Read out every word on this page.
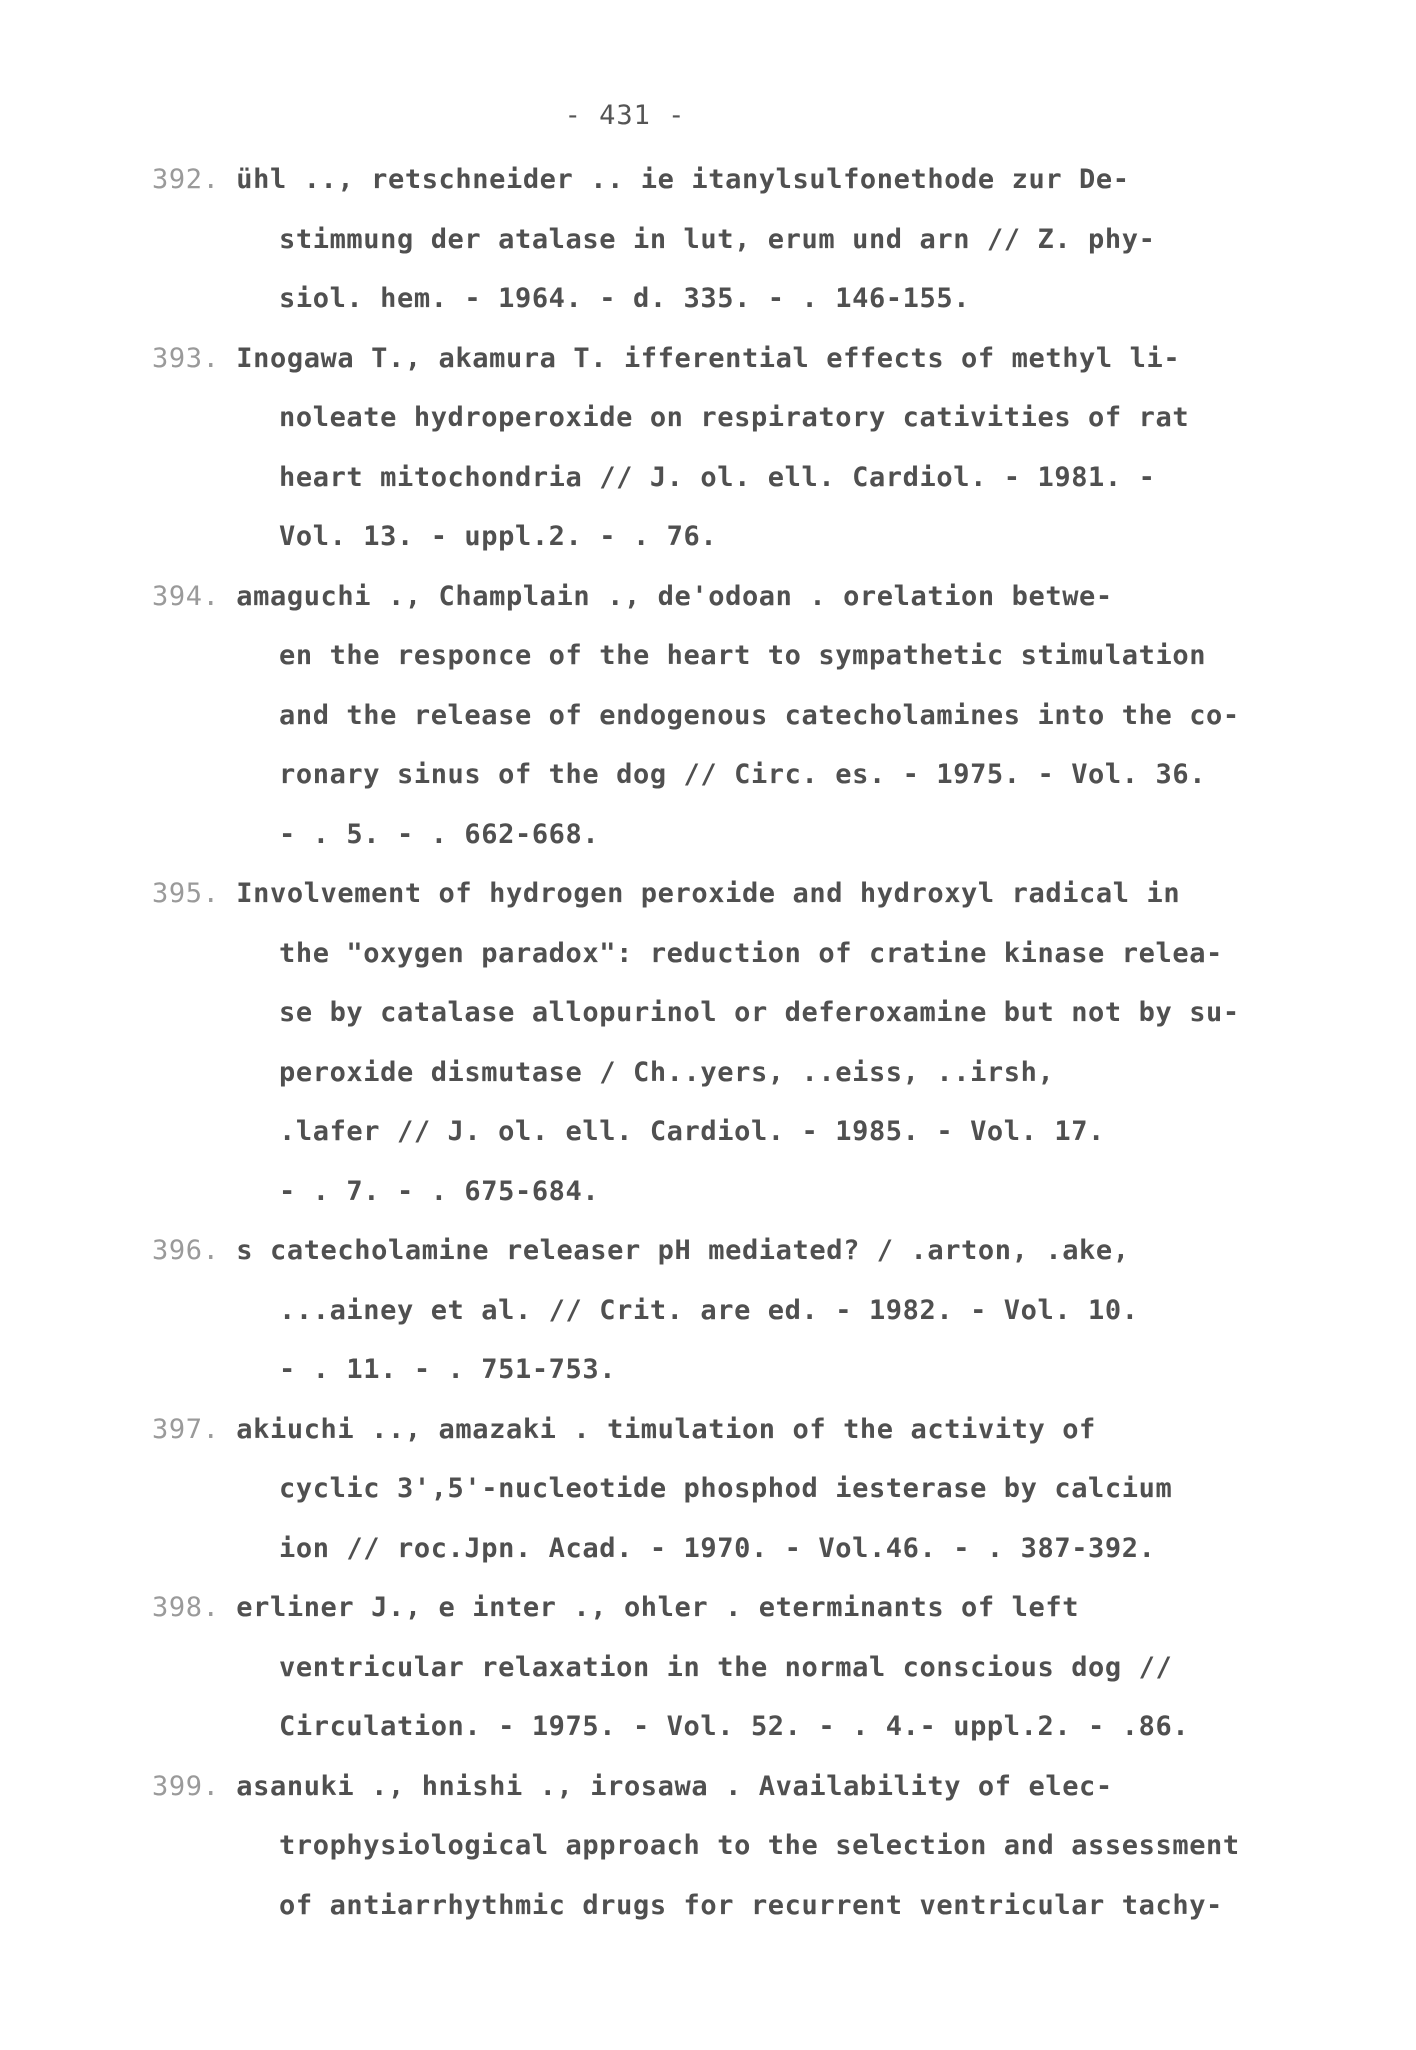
- 431 -
392. ühl .., retschneider .. ie itanylsulfonethode zur De-
stimmung der atalase in lut, erum und arn // Z. phy-
siol. hem. - 1964. - d. 335. - . 146-155.
393. Inogawa T., akamura T. ifferential effects of methyl li-
noleate hydroperoxide on respiratory cativities of rat
heart mitochondria // J. ol. ell. Cardiol. - 1981. -
Vol. 13. - uppl.2. - . 76.
394. amaguchi ., Champlain ., de'odoan . orelation betwe-
en the responce of the heart to sympathetic stimulation
and the release of endogenous catecholamines into the co-
ronary sinus of the dog // Circ. es. - 1975. - Vol. 36.
- . 5. - . 662-668.
395. Involvement of hydrogen peroxide and hydroxyl radical in
the "oxygen paradox": reduction of cratine kinase relea-
se by catalase allopurinol or deferoxamine but not by su-
peroxide dismutase / Ch..yers, ..eiss, ..irsh,
.lafer // J. ol. ell. Cardiol. - 1985. - Vol. 17.
- . 7. - . 675-684.
396. s catecholamine releaser pH mediated? / .arton, .ake,
...ainey et al. // Crit. are ed. - 1982. - Vol. 10.
- . 11. - . 751-753.
397. akiuchi .., amazaki . timulation of the activity of
cyclic 3',5'-nucleotide phosphod iesterase by calcium
ion // roc.Jpn. Acad. - 1970. - Vol.46. - . 387-392.
398. erliner J., e inter ., ohler . eterminants of left
ventricular relaxation in the normal conscious dog //
Circulation. - 1975. - Vol. 52. - . 4.- uppl.2. - .86.
399. asanuki ., hnishi ., irosawa . Availability of elec-
trophysiological approach to the selection and assessment
of antiarrhythmic drugs for recurrent ventricular tachy-
